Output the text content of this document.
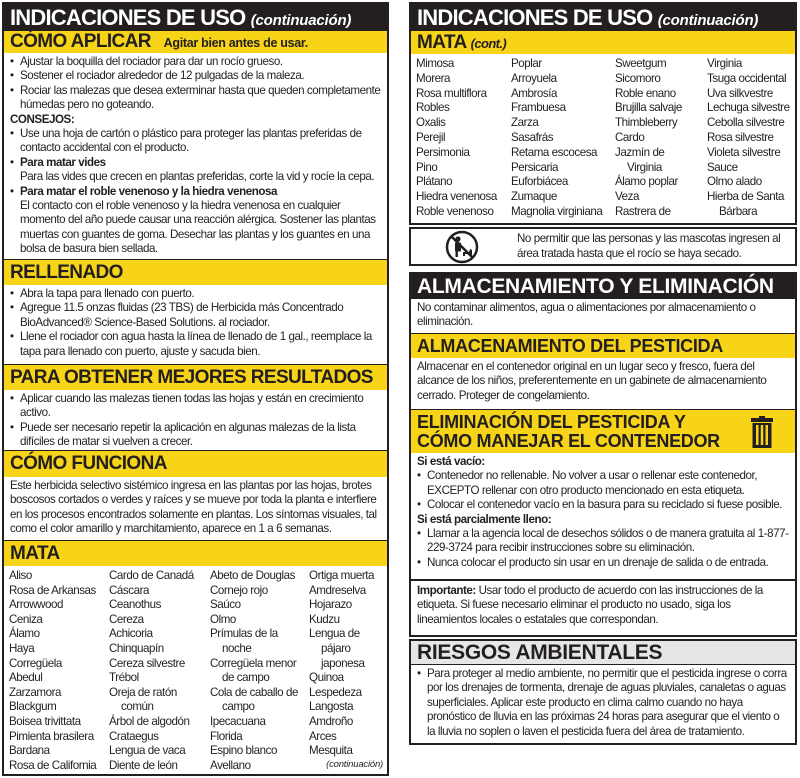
INDICACIONES DE USO (continuación)
CÓMO APLICAR Agitar bien antes de usar.
• Ajustar la boquilla del rociador para dar un rocío grueso.
• Sostener el rociador alrededor de 12 pulgadas de la maleza.
• Rociar las malezas que desea exterminar hasta que queden completamente húmedas pero no goteando.
CONSEJOS:
• Use una hoja de cartón o plástico para proteger las plantas preferidas de contacto accidental con el producto.
• Para matar vides
Para las vides que crecen en plantas preferidas, corte la vid y rocíe la cepa.
• Para matar el roble venenoso y la hiedra venenosa
El contacto con el roble venenoso y la hiedra venenosa en cualquier momento del año puede causar una reacción alérgica. Sostener las plantas muertas con guantes de goma. Desechar las plantas y los guantes en una bolsa de basura bien sellada.
RELLENADO
• Abra la tapa para llenado con puerto.
• Agregue 11.5 onzas fluidas (23 TBS) de Herbicida más Concentrado BioAdvanced® Science-Based Solutions. al rociador.
• Llene el rociador con agua hasta la línea de llenado de 1 gal., reemplace la tapa para llenado con puerto, ajuste y sacuda bien.
PARA OBTENER MEJORES RESULTADOS
• Aplicar cuando las malezas tienen todas las hojas y están en crecimiento activo.
• Puede ser necesario repetir la aplicación en algunas malezas de la lista difíciles de matar si vuelven a crecer.
CÓMO FUNCIONA
Este herbicida selectivo sistémico ingresa en las plantas por las hojas, brotes boscosos cortados o verdes y raíces y se mueve por toda la planta e interfiere en los procesos encontrados solamente en plantas. Los síntomas visuales, tal como el color amarillo y marchitamiento, aparece en 1 a 6 semanas.
MATA
(continuación)
Aliso
Rosa de Arkansas
Arrowwood
Ceniza
Álamo
Haya
Corregüela
Abedul
Zarzamora
Blackgum
Boisea trivittata
Pimienta brasilera
Bardana
Rosa de California
Cardo de Canadá
Cáscara
Ceanothus
Cereza
Achicoria
Chinquapín
Cereza silvestre
Trébol
Oreja de ratón
común
Árbol de algodón
Crataegus
Lengua de vaca
Diente de león
Abeto de Douglas
Cornejo rojo
Saúco
Olmo
Prímulas de la
noche
Corregüela menor
de campo
Cola de caballo de
campo
Ipecacuana
Florida
Espino blanco
Avellano
Ortiga muerta
Amdreselva
Hojarazo
Kudzu
Lengua de
pájaro
japonesa
Quinoa
Lespedeza
Langosta
Amdroño
Arces
Mesquita
INDICACIONES DE USO (continuación)
MATA (cont.)
Mimosa
Morera
Rosa multiflora
Robles
Oxalis
Perejil
Persimonia
Pino
Plátano
Hiedra venenosa
Roble venenoso
Poplar
Arroyuela
Ambrosía
Frambuesa
Zarza
Sasafrás
Retama escocesa
Persicaria
Euforbiácea
Zumaque
Magnolia virginiana
Sweetgum
Sicomoro
Roble enano
Brujilla salvaje
Thimbleberry
Cardo
Jazmín de
Virginia
Álamo poplar
Veza
Rastrera de
Virginia
Tsuga occidental
Uva silkvestre
Lechuga silvestre
Cebolla silvestre
Rosa silvestre
Violeta silvestre
Sauce
Olmo alado
Hierba de Santa
Bárbara
No permitir que las personas y las mascotas ingresen al área tratada hasta que el rocío se haya secado.
ALMACENAMIENTO Y ELIMINACIÓN
No contaminar alimentos, agua o alimentaciones por almacenamiento o eliminación.
ALMACENAMIENTO DEL PESTICIDA
Almacenar en el contenedor original en un lugar seco y fresco, fuera del alcance de los niños, preferentemente en un gabinete de almacenamiento cerrado. Proteger de congelamiento.
ELIMINACIÓN DEL PESTICIDA Y CÓMO MANEJAR EL CONTENEDOR
Si está vacío:
• Contenedor no rellenable. No volver a usar o rellenar este contenedor, EXCEPTO rellenar con otro producto mencionado en esta etiqueta.
• Colocar el contenedor vacío en la basura para su reciclado si fuese posible.
Si está parcialmente lleno:
• Llamar a la agencia local de desechos sólidos o de manera gratuita al 1-877-229-3724 para recibir instrucciones sobre su eliminación.
• Nunca colocar el producto sin usar en un drenaje de salida o de entrada.
Importante: Usar todo el producto de acuerdo con las instrucciones de la etiqueta. Si fuese necesario eliminar el producto no usado, siga los lineamientos locales o estatales que correspondan.
RIESGOS AMBIENTALES
• Para proteger al medio ambiente, no permitir que el pesticida ingrese o corra por los drenajes de tormenta, drenaje de aguas pluviales, canaletas o aguas superficiales. Aplicar este producto en clima calmo cuando no haya pronóstico de lluvia en las próximas 24 horas para asegurar que el viento o la lluvia no soplen o laven el pesticida fuera del área de tratamiento.
